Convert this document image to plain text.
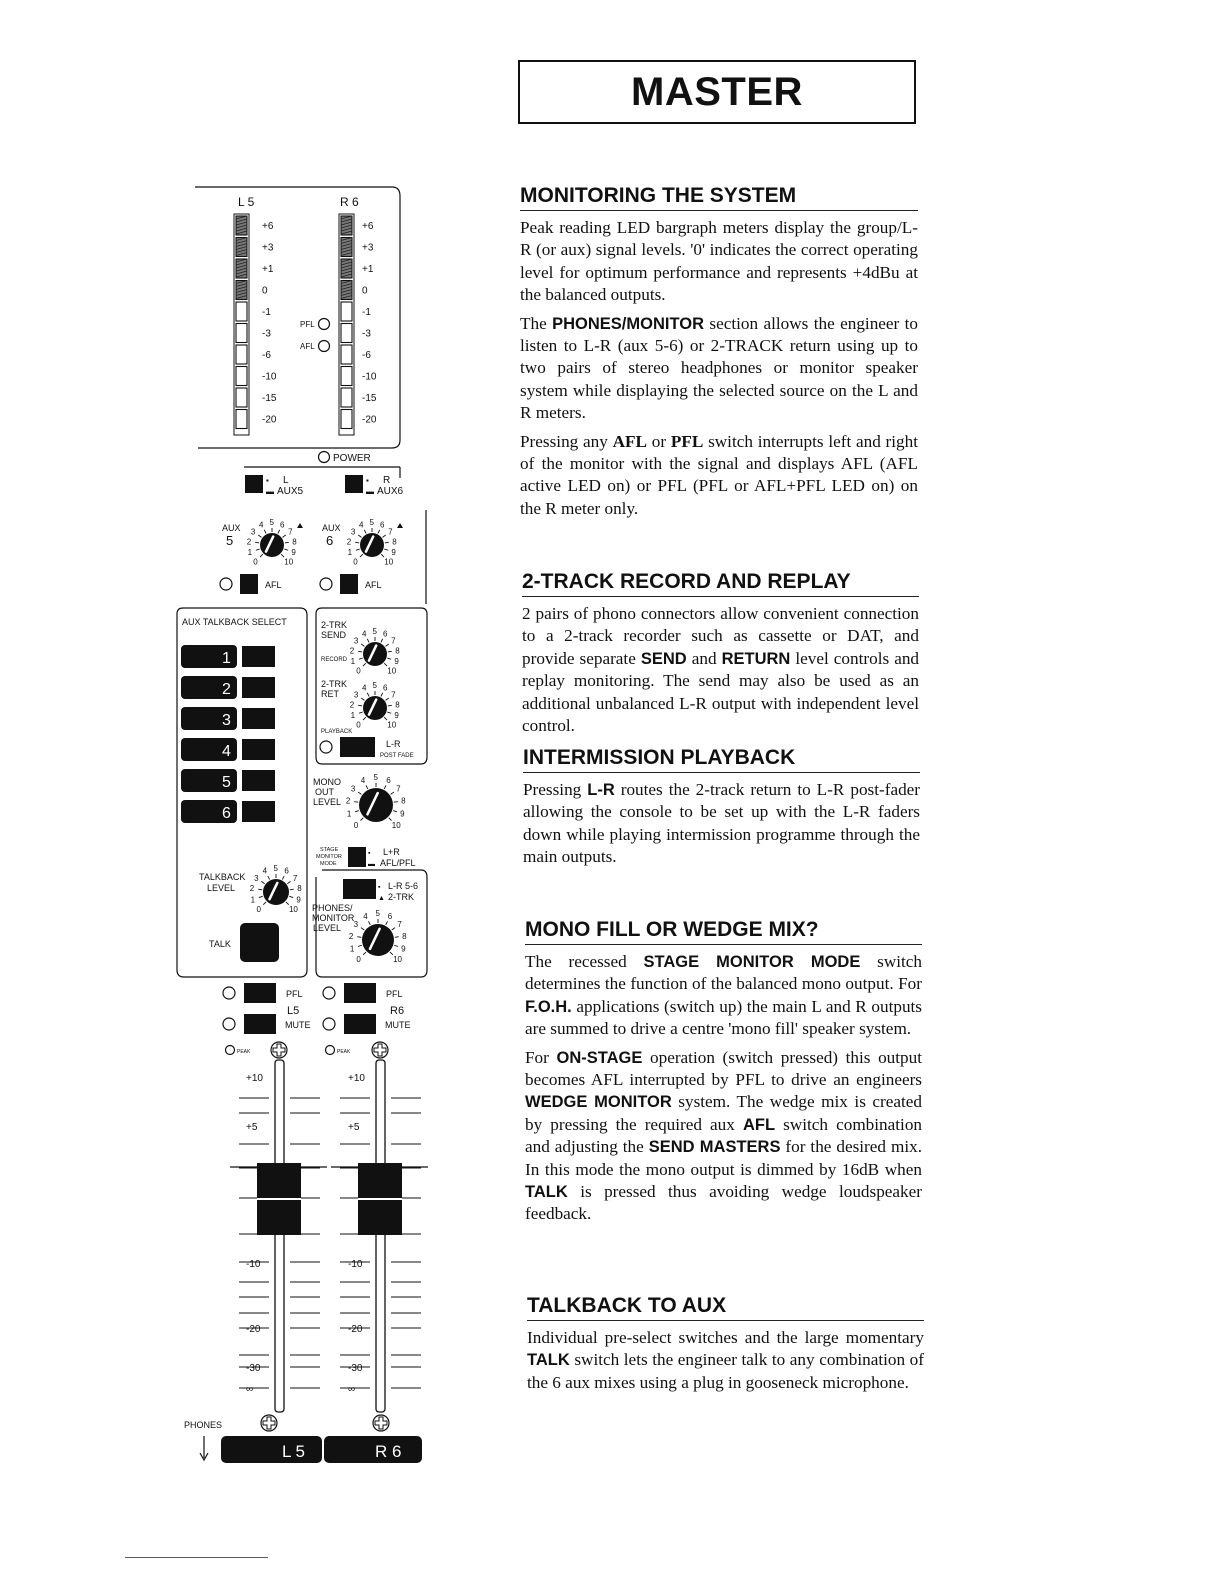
MASTER
MONITORING THE SYSTEM

Peak reading LED bargraph meters display the group/L-R (or aux) signal levels. '0' indicates the correct operating level for optimum performance and represents +4dBu at the balanced outputs.

The PHONES/MONITOR section allows the engineer to listen to L-R (aux 5-6) or 2-TRACK return using up to two pairs of stereo headphones or monitor speaker system while displaying the selected source on the L and R meters.

Pressing any AFL or PFL switch interrupts left and right of the monitor with the signal and displays AFL (AFL active LED on) or PFL (PFL or AFL+PFL LED on) on the R meter only.

2-TRACK RECORD AND REPLAY

2 pairs of phono connectors allow convenient connection to a 2-track recorder such as cassette or DAT, and provide separate SEND and RETURN level controls and replay monitoring. The send may also be used as an additional unbalanced L-R output with independent level control.

INTERMISSION PLAYBACK

Pressing L-R routes the 2-track return to L-R post-fader allowing the console to be set up with the L-R faders down while playing intermission programme through the main outputs.

MONO FILL OR WEDGE MIX?

The recessed STAGE MONITOR MODE switch determines the function of the balanced mono output. For F.O.H. applications (switch up) the main L and R outputs are summed to drive a centre 'mono fill' speaker system.

For ON-STAGE operation (switch pressed) this output becomes AFL interrupted by PFL to drive an engineers WEDGE MONITOR system. The wedge mix is created by pressing the required aux AFL switch combination and adjusting the SEND MASTERS for the desired mix. In this mode the mono output is dimmed by 16dB when TALK is pressed thus avoiding wedge loudspeaker feedback.

TALKBACK TO AUX

Individual pre-select switches and the large momentary TALK switch lets the engineer talk to any combination of the 6 aux mixes using a plug in gooseneck microphone.

L 5	R 6
+6
+3
+1
0
-1
-3
-6
-10
-15
-20
+6
+3
+1
0
-1
-3
-6
-10
-15
-20
PFL
AFL
POWER
▪ L
▬ AUX5
▪ R
▬ AUX6
AUX
5
AUX
6
0
1
2
3
4 5 6
7
8
9
10	0
1
2
3
4 5 6
7
8
9
10
AFL	AFL
AUX TALKBACK SELECT
1
2
3
4
5
6
TALKBACK
LEVEL
0
1
2
3
4 5 6
7
8
9
10
TALK
2-TRK
SEND
RECORD
0
1
2
3
4 5 6
7
8
9
10
2-TRK
RET
PLAYBACK
0
1
2
3
4 5 6
7
8
9
10
L-R
POST FADE
MONO
OUT
LEVEL
0
1
2
3
4 5 6
7
8
9
10
STAGE
MONITOR
MODE
▪ L+R
▬ AFL/PFL
▪ L-R 5-6
▲ 2-TRK
PHONES/
MONITOR
LEVEL
0
1
2
3
4 5 6
7
8
9
10
PFL	PFL
L5	R6
MUTE	MUTE
PEAK	PEAK
+10
+5
-10
-20
-30
∞
+10
+5
-10
-20
-30
∞
PHONES
L 5	R 6
